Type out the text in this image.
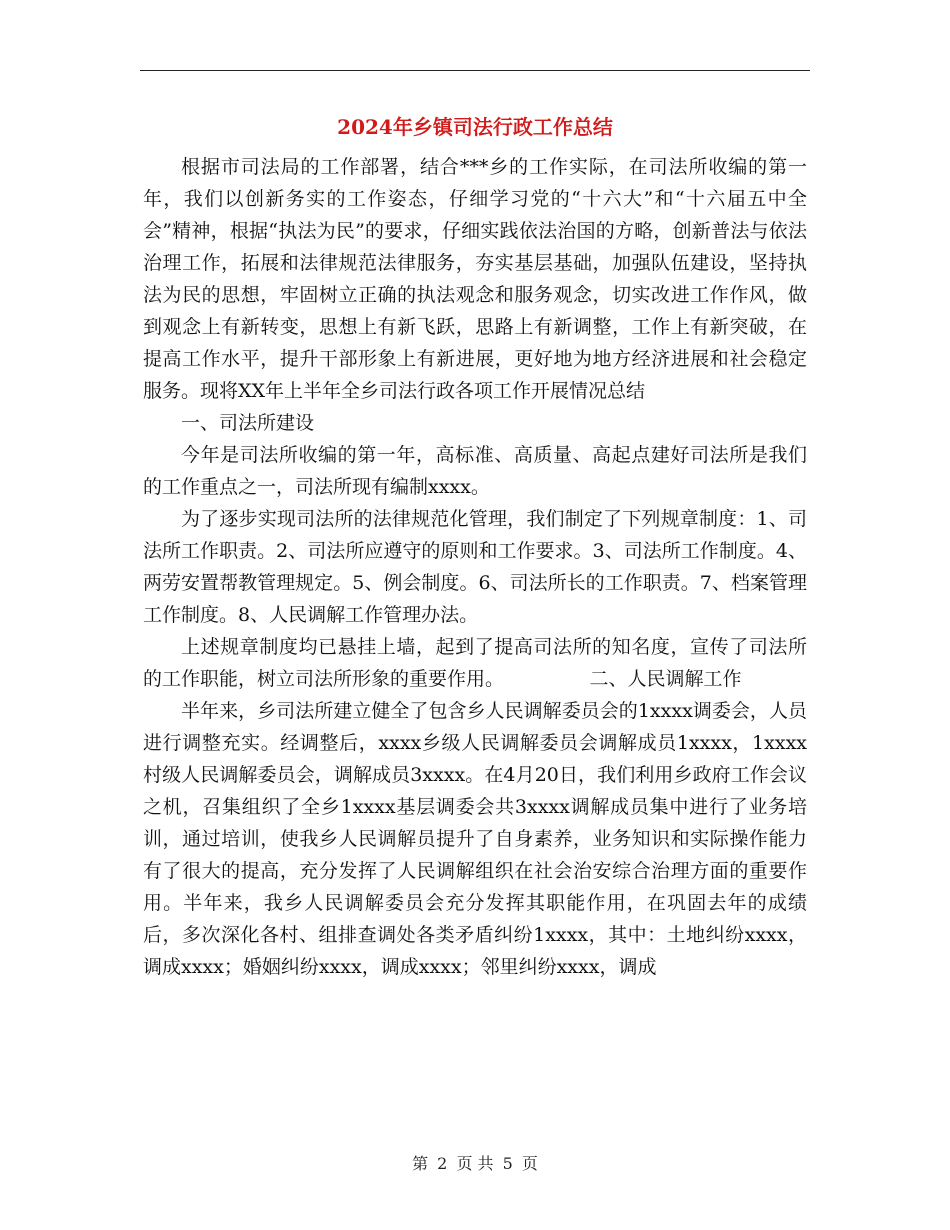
2024年乡镇司法行政工作总结

根据市司法局的工作部署，结合***乡的工作实际，在司法所收编的第一年，我们以创新务实的工作姿态，仔细学习党的“十六大”和“十六届五中全会”精神，根据“执法为民”的要求，仔细实践依法治国的方略，创新普法与依法治理工作，拓展和法律规范法律服务，夯实基层基础，加强队伍建设，坚持执法为民的思想，牢固树立正确的执法观念和服务观念，切实改进工作作风，做到观念上有新转变，思想上有新飞跃，思路上有新调整，工作上有新突破，在提高工作水平，提升干部形象上有新进展，更好地为地方经济进展和社会稳定服务。现将XX年上半年全乡司法行政各项工作开展情况总结

一、司法所建设

今年是司法所收编的第一年，高标准、高质量、高起点建好司法所是我们的工作重点之一，司法所现有编制xxxx。

为了逐步实现司法所的法律规范化管理，我们制定了下列规章制度：1、司法所工作职责。2、司法所应遵守的原则和工作要求。3、司法所工作制度。4、两劳安置帮教管理规定。5、例会制度。6、司法所长的工作职责。7、档案管理工作制度。8、人民调解工作管理办法。

上述规章制度均已悬挂上墙，起到了提高司法所的知名度，宣传了司法所的工作职能，树立司法所形象的重要作用。　　　　　二、人民调解工作

半年来，乡司法所建立健全了包含乡人民调解委员会的1xxxx调委会，人员进行调整充实。经调整后，xxxx乡级人民调解委员会调解成员1xxxx，1xxxx村级人民调解委员会，调解成员3xxxx。在4月20日，我们利用乡政府工作会议之机，召集组织了全乡1xxxx基层调委会共3xxxx调解成员集中进行了业务培训，通过培训，使我乡人民调解员提升了自身素养，业务知识和实际操作能力有了很大的提高，充分发挥了人民调解组织在社会治安综合治理方面的重要作用。半年来，我乡人民调解委员会充分发挥其职能作用，在巩固去年的成绩后，多次深化各村、组排查调处各类矛盾纠纷1xxxx，其中：土地纠纷xxxx，调成xxxx；婚姻纠纷xxxx，调成xxxx；邻里纠纷xxxx，调成

第 2 页 共 5 页
